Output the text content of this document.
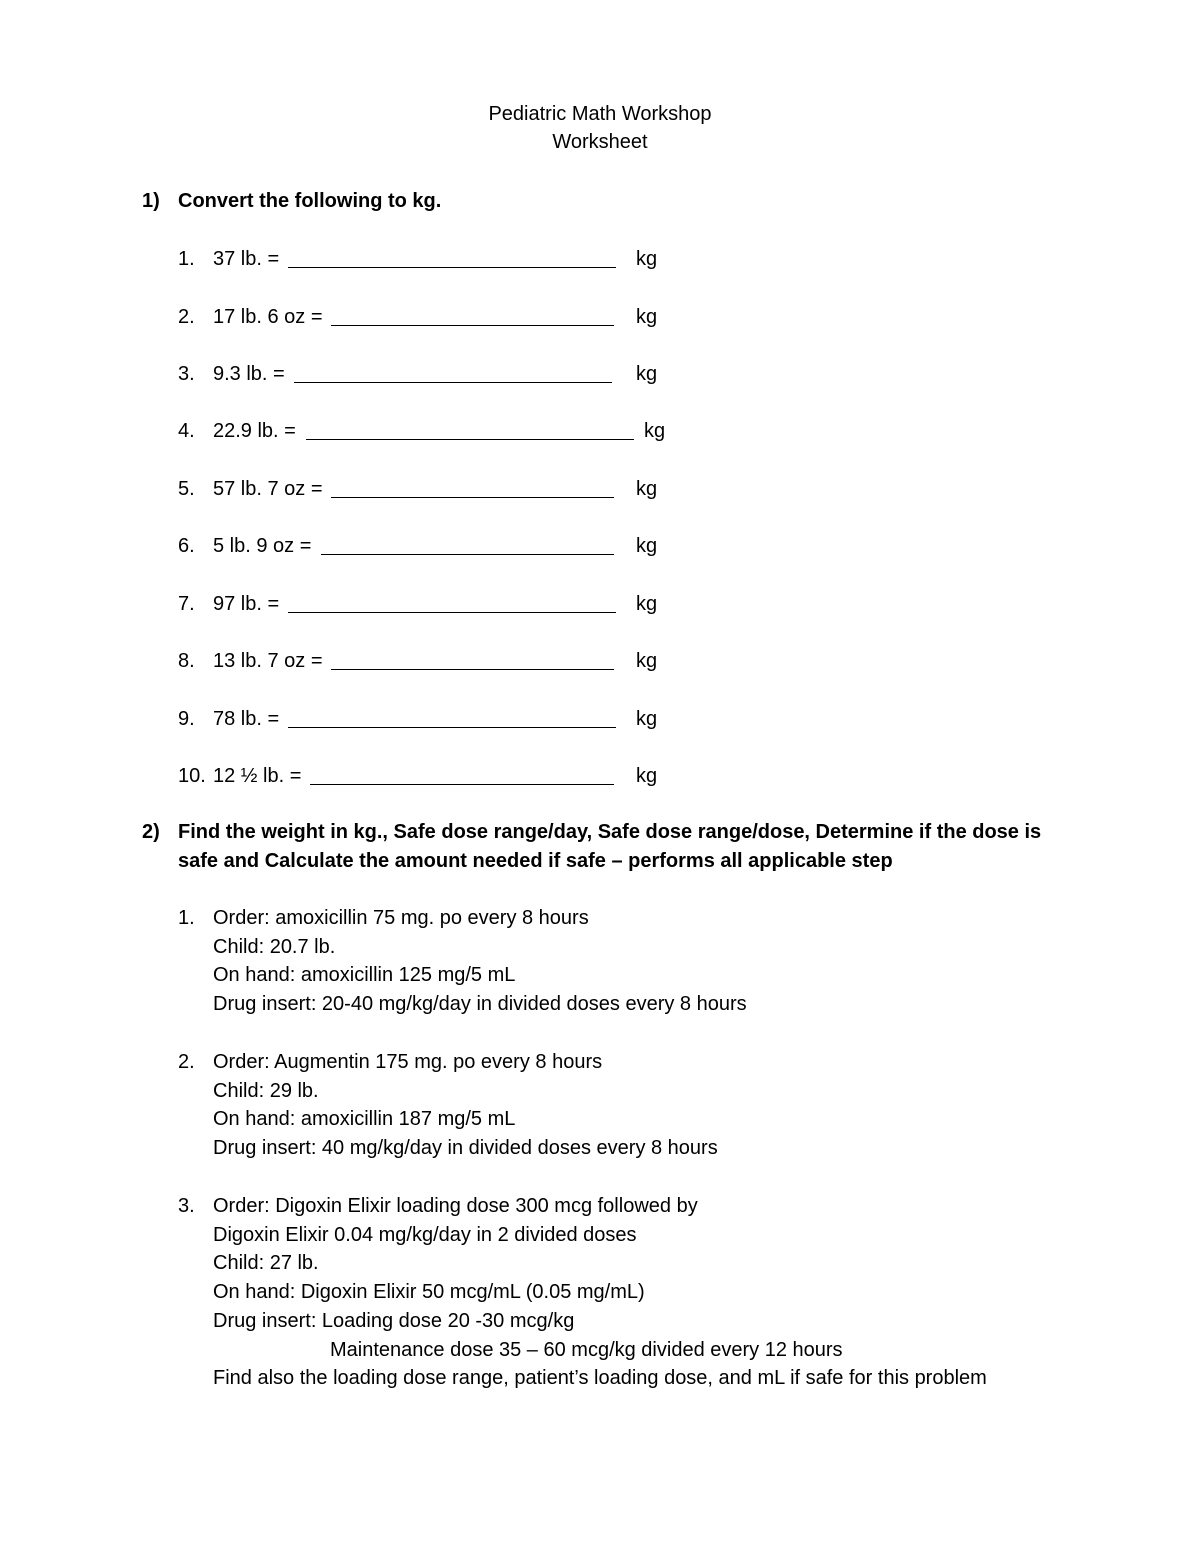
Pediatric Math Workshop
Worksheet
1) Convert the following to kg.
1. 37 lb. =	kg
2. 17 lb. 6 oz =	kg
3. 9.3 lb. =	kg
4. 22.9 lb. =	kg
5. 57 lb. 7 oz =	kg
6. 5 lb. 9 oz =	kg
7. 97 lb. =	kg
8. 13 lb. 7 oz =	kg
9. 78 lb. =	kg
10. 12 ½ lb. =	kg
2) Find the weight in kg., Safe dose range/day, Safe dose range/dose, Determine if the dose is safe and Calculate the amount needed if safe – performs all applicable step
1. Order: amoxicillin 75 mg. po every 8 hours
Child: 20.7 lb.
On hand: amoxicillin 125 mg/5 mL
Drug insert: 20-40 mg/kg/day in divided doses every 8 hours
2. Order: Augmentin 175 mg. po every 8 hours
Child: 29 lb.
On hand: amoxicillin 187 mg/5 mL
Drug insert: 40 mg/kg/day in divided doses every 8 hours
3. Order: Digoxin Elixir loading dose 300 mcg followed by
Digoxin Elixir 0.04 mg/kg/day in 2 divided doses
Child: 27 lb.
On hand: Digoxin Elixir 50 mcg/mL (0.05 mg/mL)
Drug insert: Loading dose 20 -30 mcg/kg
Maintenance dose 35 – 60 mcg/kg divided every 12 hours
Find also the loading dose range, patient’s loading dose, and mL if safe for this problem
